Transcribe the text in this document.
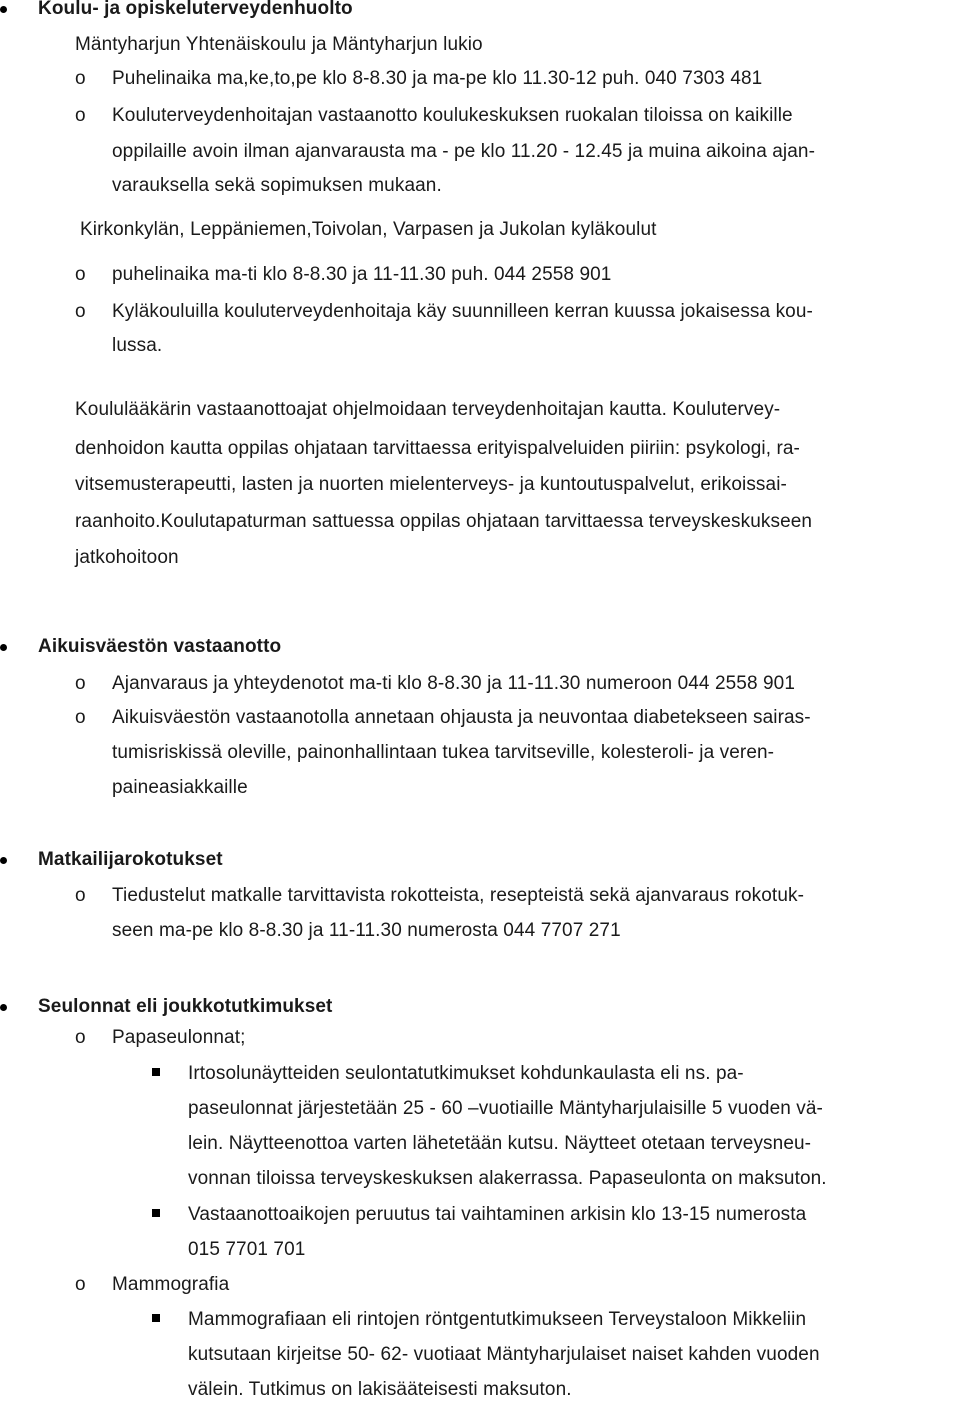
Koulu- ja opiskeluterveydenhuolto

Mäntyharjun Yhtenäiskoulu ja Mäntyharjun lukio

o Puhelinaika ma,ke,to,pe klo 8-8.30 ja ma-pe klo 11.30-12 puh. 040 7303 481

o Kouluterveydenhoitajan vastaanotto koulukeskuksen ruokalan tiloissa on kaikille

oppilaille avoin ilman ajanvarausta ma - pe klo 11.20 - 12.45 ja muina aikoina ajan-

varauksella sekä sopimuksen mukaan.

Kirkonkylän, Leppäniemen,Toivolan, Varpasen ja Jukolan kyläkoulut

o puhelinaika ma-ti klo 8-8.30 ja 11-11.30 puh. 044 2558 901

o Kyläkouluilla kouluterveydenhoitaja käy suunnilleen kerran kuussa jokaisessa kou-

lussa.

Koululääkärin vastaanottoajat ohjelmoidaan terveydenhoitajan kautta. Koulutervey-

denhoidon kautta oppilas ohjataan tarvittaessa erityispalveluiden piiriin: psykologi, ra-

vitsemusterapeutti, lasten ja nuorten mielenterveys- ja kuntoutuspalvelut, erikoissai-

raanhoito.Koulutapaturman sattuessa oppilas ohjataan tarvittaessa terveyskeskukseen

jatkohoitoon

Aikuisväestön vastaanotto

o Ajanvaraus ja yhteydenotot ma-ti klo 8-8.30 ja 11-11.30 numeroon 044 2558 901

o Aikuisväestön vastaanotolla annetaan ohjausta ja neuvontaa diabetekseen sairas-

tumisriskissä oleville, painonhallintaan tukea tarvitseville, kolesteroli- ja veren-

paineasiakkaille

Matkailijarokotukset

o Tiedustelut matkalle tarvittavista rokotteista, resepteistä sekä ajanvaraus rokotuk-

seen ma-pe klo 8-8.30 ja 11-11.30 numerosta 044 7707 271

Seulonnat eli joukkotutkimukset

o Papaseulonnat;

Irtosolunäytteiden seulontatutkimukset kohdunkaulasta eli ns. pa-

paseulonnat järjestetään 25 - 60 –vuotiaille Mäntyharjulaisille 5 vuoden vä-

lein. Näytteenottoa varten lähetetään kutsu. Näytteet otetaan terveysneu-

vonnan tiloissa terveyskeskuksen alakerrassa. Papaseulonta on maksuton.

Vastaanottoaikojen peruutus tai vaihtaminen arkisin klo 13-15 numerosta

015 7701 701

o Mammografia

Mammografiaan eli rintojen röntgentutkimukseen Terveystaloon Mikkeliin

kutsutaan kirjeitse 50- 62- vuotiaat Mäntyharjulaiset naiset kahden vuoden

välein. Tutkimus on lakisääteisesti maksuton.
